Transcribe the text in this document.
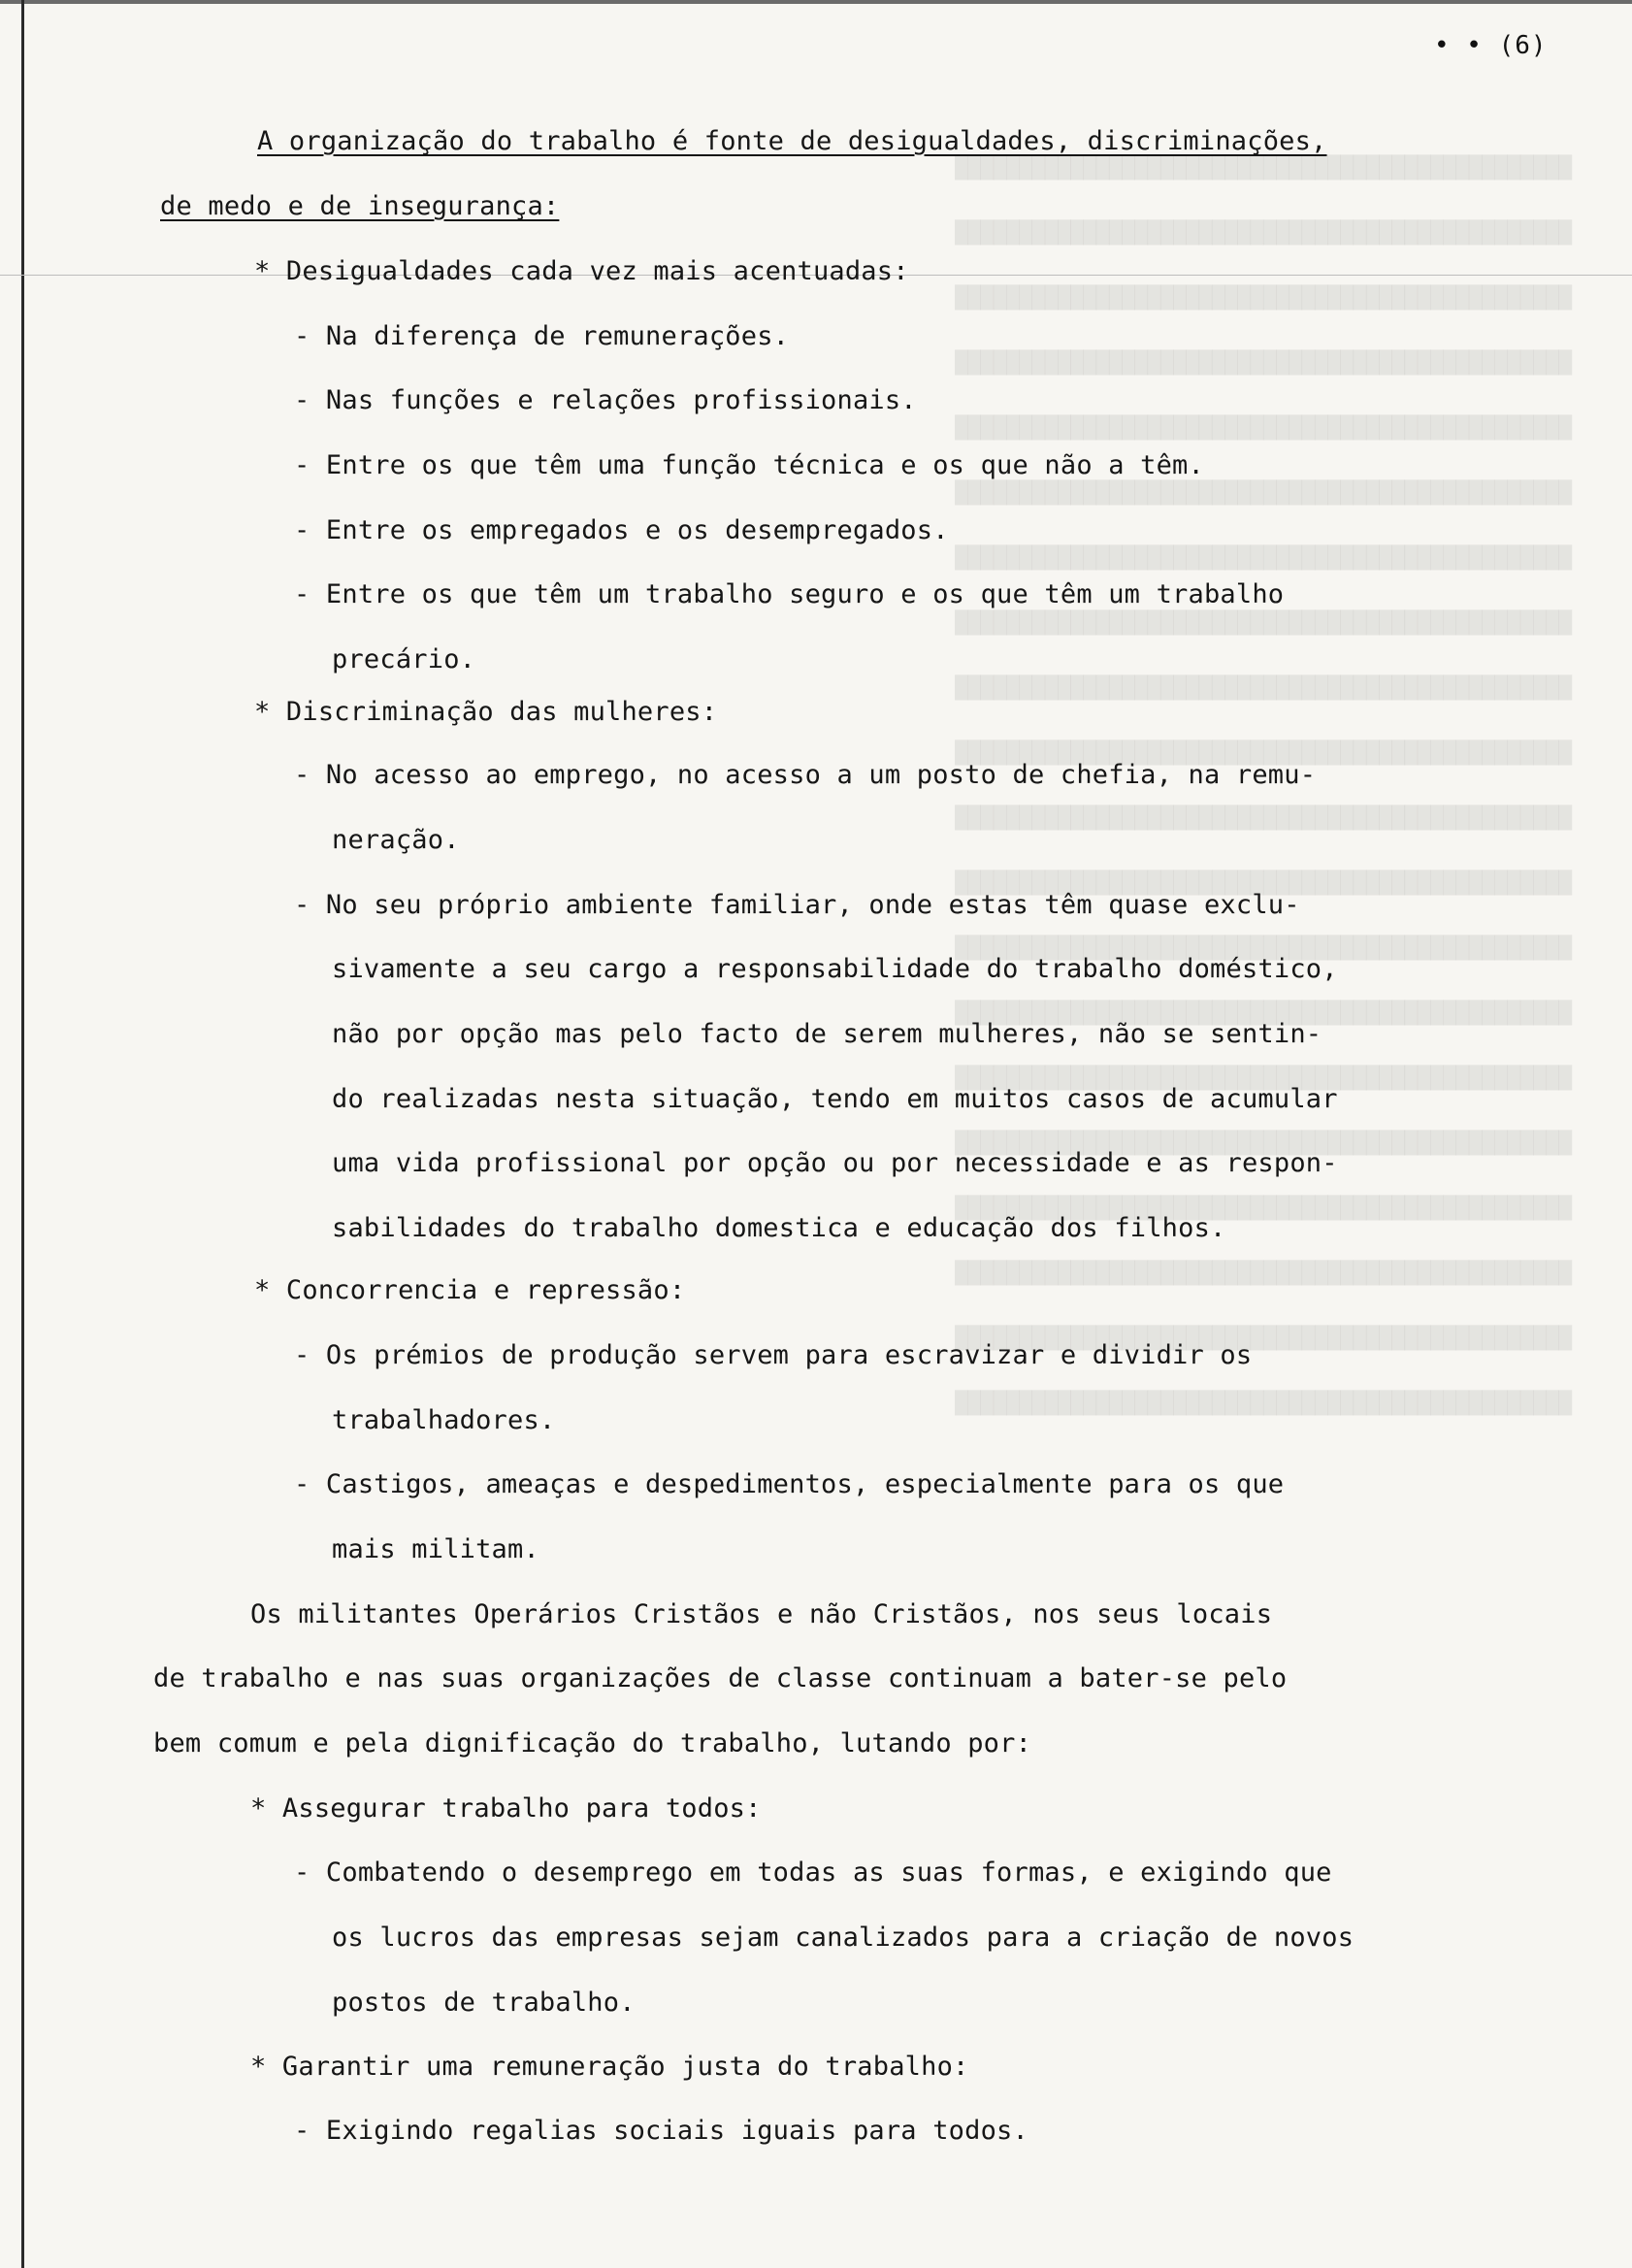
████████████████████████████████████████████████
████████████████████████████████████████████████
████████████████████████████████████████████████
████████████████████████████████████████████████
████████████████████████████████████████████████
████████████████████████████████████████████████
████████████████████████████████████████████████
████████████████████████████████████████████████
████████████████████████████████████████████████
████████████████████████████████████████████████
████████████████████████████████████████████████
████████████████████████████████████████████████
████████████████████████████████████████████████
████████████████████████████████████████████████
████████████████████████████████████████████████
████████████████████████████████████████████████
████████████████████████████████████████████████
████████████████████████████████████████████████
████████████████████████████████████████████████
████████████████████████████████████████████████
• • (6)
A organização do trabalho é fonte de desigualdades, discriminações,
de medo e de insegurança:
* Desigualdades cada vez mais acentuadas:
- Na diferença de remunerações.
- Nas funções e relações profissionais.
- Entre os que têm uma função técnica e os que não a têm.
- Entre os empregados e os desempregados.
- Entre os que têm um trabalho seguro e os que têm um trabalho
precário.
* Discriminação das mulheres:
- No acesso ao emprego, no acesso a um posto de chefia, na remu-
neração.
- No seu próprio ambiente familiar, onde estas têm quase exclu-
sivamente a seu cargo a responsabilidade do trabalho doméstico,
não por opção mas pelo facto de serem mulheres, não se sentin-
do realizadas nesta situação, tendo em muitos casos de acumular
uma vida profissional por opção ou por necessidade e as respon-
sabilidades do trabalho domestica e educação dos filhos.
* Concorrencia e repressão:
- Os prémios de produção servem para escravizar e dividir os
trabalhadores.
- Castigos, ameaças e despedimentos, especialmente para os que
mais militam.
Os militantes Operários Cristãos e não Cristãos, nos seus locais
de trabalho e nas suas organizações de classe continuam a bater-se pelo
bem comum e pela dignificação do trabalho, lutando por:
* Assegurar trabalho para todos:
- Combatendo o desemprego em todas as suas formas, e exigindo que
os lucros das empresas sejam canalizados para a criação de novos
postos de trabalho.
* Garantir uma remuneração justa do trabalho:
- Exigindo regalias sociais iguais para todos.
